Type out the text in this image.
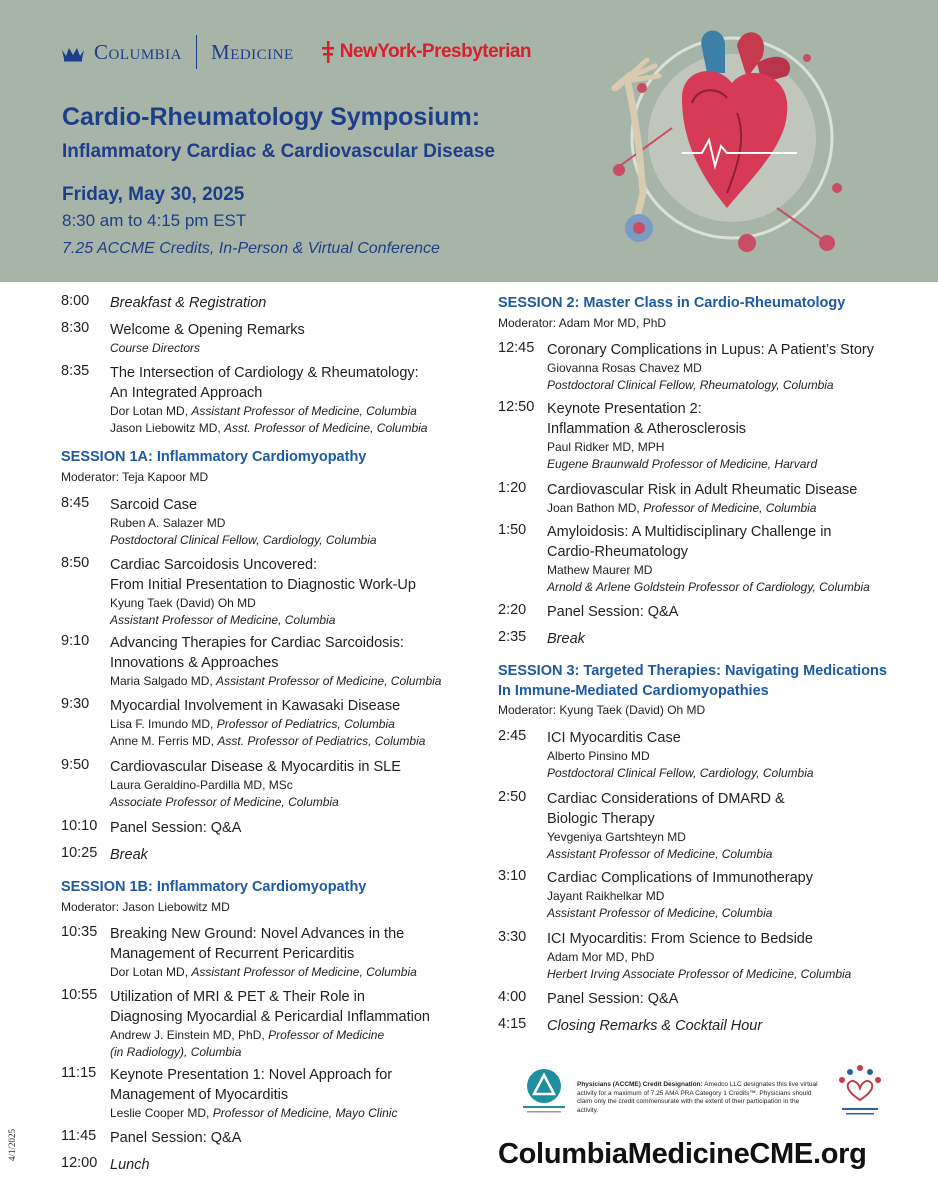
Columbia Medicine NewYork-Presbyterian
Cardio-Rheumatology Symposium:
Inflammatory Cardiac & Cardiovascular Disease
Friday, May 30, 2025
8:30 am to 4:15 pm EST
7.25 ACCME Credits, In-Person & Virtual Conference
8:00 Breakfast & Registration

8:30 Welcome & Opening Remarks

Course Directors

8:35 The Intersection of Cardiology & Rheumatology:

An Integrated Approach

Dor Lotan MD, Assistant Professor of Medicine, Columbia

Jason Liebowitz MD, Asst. Professor of Medicine, Columbia

SESSION 1A: Inflammatory Cardiomyopathy
Moderator: Teja Kapoor MD
8:45 Sarcoid Case

Ruben A. Salazer MD

Postdoctoral Clinical Fellow, Cardiology, Columbia

8:50 Cardiac Sarcoidosis Uncovered:

From Initial Presentation to Diagnostic Work-Up

Kyung Taek (David) Oh MD

Assistant Professor of Medicine, Columbia

9:10 Advancing Therapies for Cardiac Sarcoidosis:

Innovations & Approaches

Maria Salgado MD, Assistant Professor of Medicine, Columbia

9:30 Myocardial Involvement in Kawasaki Disease

Lisa F. Imundo MD, Professor of Pediatrics, Columbia

Anne M. Ferris MD, Asst. Professor of Pediatrics, Columbia

9:50 Cardiovascular Disease & Myocarditis in SLE

Laura Geraldino-Pardilla MD, MSc

Associate Professor of Medicine, Columbia

10:10 Panel Session: Q&A

10:25 Break

SESSION 1B: Inflammatory Cardiomyopathy
Moderator: Jason Liebowitz MD
10:35 Breaking New Ground: Novel Advances in the

Management of Recurrent Pericarditis

Dor Lotan MD, Assistant Professor of Medicine, Columbia

10:55 Utilization of MRI & PET & Their Role in

Diagnosing Myocardial & Pericardial Inflammation

Andrew J. Einstein MD, PhD, Professor of Medicine

(in Radiology), Columbia

11:15 Keynote Presentation 1: Novel Approach for

Management of Myocarditis

Leslie Cooper MD, Professor of Medicine, Mayo Clinic

11:45 Panel Session: Q&A

12:00 Lunch

SESSION 2: Master Class in Cardio-Rheumatology
Moderator: Adam Mor MD, PhD
12:45 Coronary Complications in Lupus: A Patient’s Story

Giovanna Rosas Chavez MD

Postdoctoral Clinical Fellow, Rheumatology, Columbia

12:50 Keynote Presentation 2:

Inflammation & Atherosclerosis

Paul Ridker MD, MPH

Eugene Braunwald Professor of Medicine, Harvard

1:20 Cardiovascular Risk in Adult Rheumatic Disease

Joan Bathon MD, Professor of Medicine, Columbia

1:50 Amyloidosis: A Multidisciplinary Challenge in

Cardio-Rheumatology

Mathew Maurer MD

Arnold & Arlene Goldstein Professor of Cardiology, Columbia

2:20 Panel Session: Q&A

2:35 Break

SESSION 3: Targeted Therapies: Navigating Medications
In Immune-Mediated Cardiomyopathies
Moderator: Kyung Taek (David) Oh MD
2:45 ICI Myocarditis Case

Alberto Pinsino MD

Postdoctoral Clinical Fellow, Cardiology, Columbia

2:50 Cardiac Considerations of DMARD &

Biologic Therapy

Yevgeniya Gartshteyn MD

Assistant Professor of Medicine, Columbia

3:10 Cardiac Complications of Immunotherapy

Jayant Raikhelkar MD

Assistant Professor of Medicine, Columbia

3:30 ICI Myocarditis: From Science to Bedside

Adam Mor MD, PhD

Herbert Irving Associate Professor of Medicine, Columbia

4:00 Panel Session: Q&A

4:15 Closing Remarks & Cocktail Hour

Physicians (ACCME) Credit Designation: Amedco LLC designates this live virtual activity for a maximum of 7.25 AMA PRA Category 1 Credits™. Physicians should claim only the credit commensurate with the extent of their participation in the activity.
ColumbiaMedicineCME.org
4/1/2025
